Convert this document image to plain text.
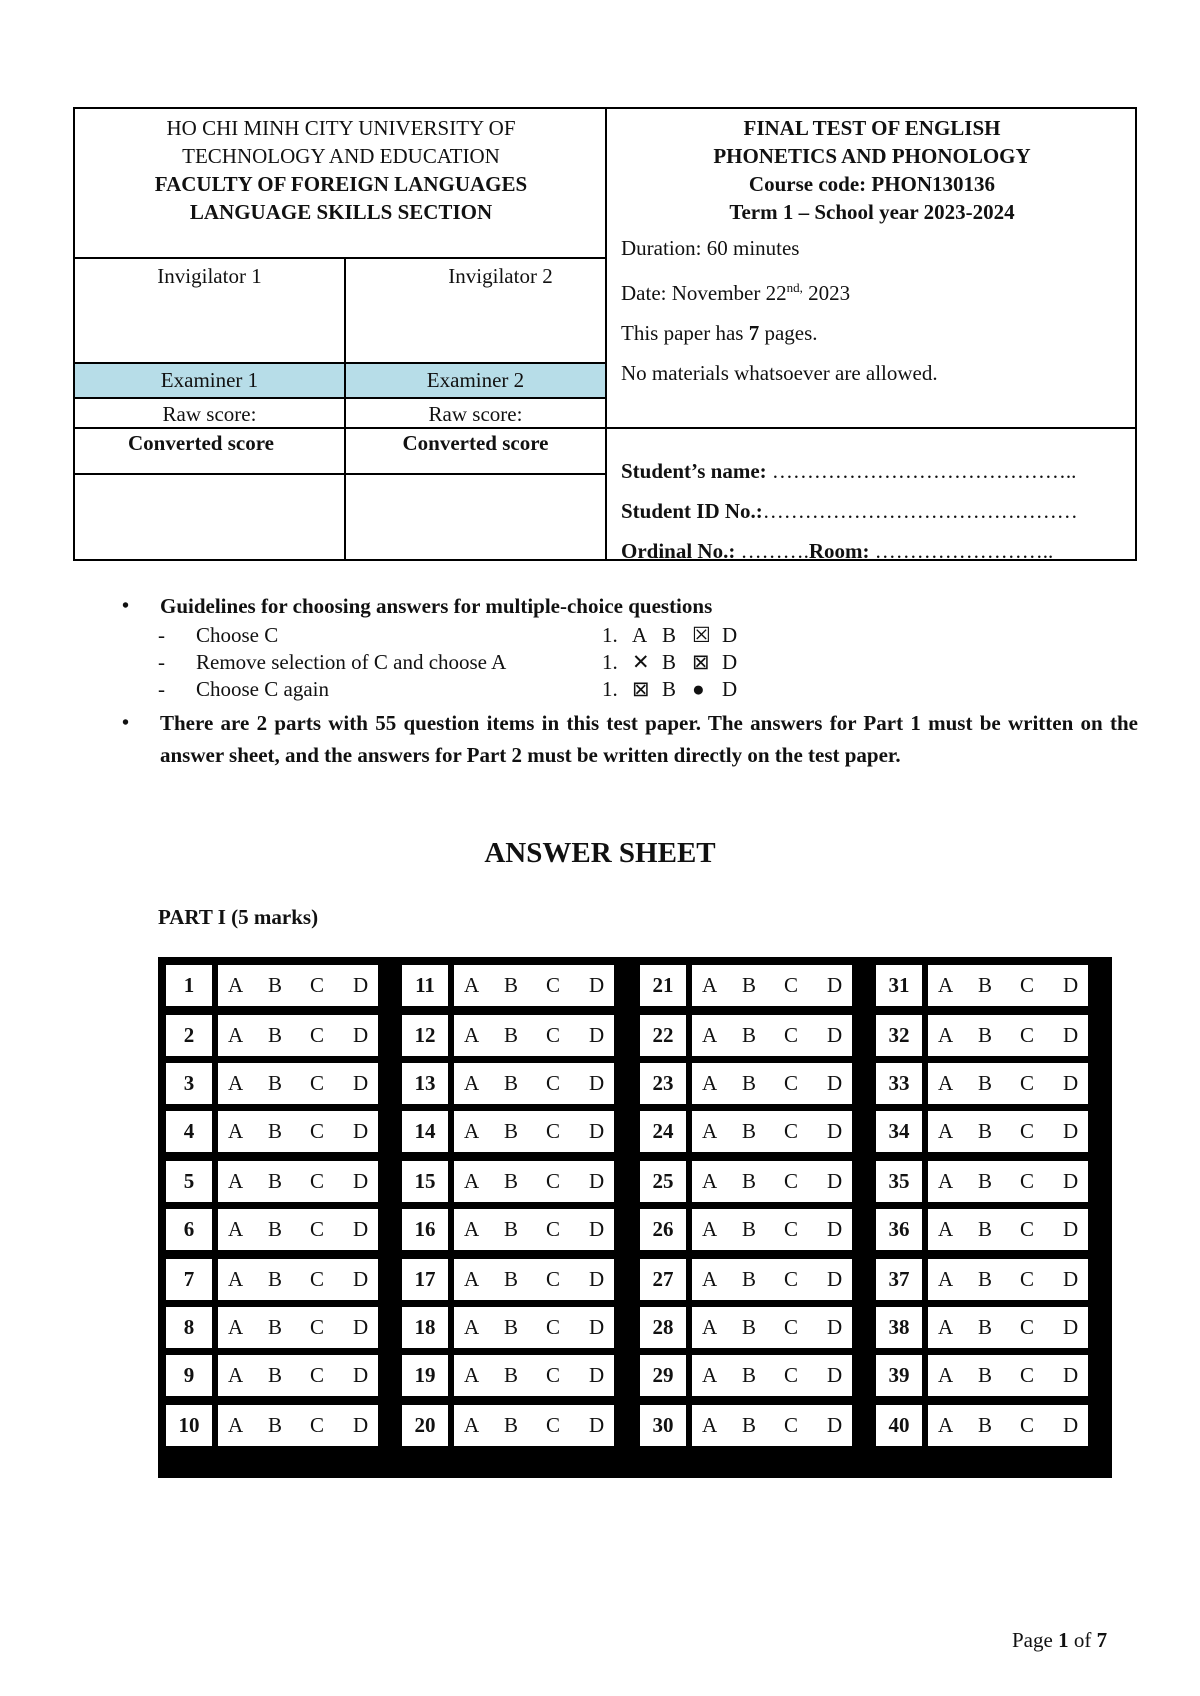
HO CHI MINH CITY UNIVERSITY OF
TECHNOLOGY AND EDUCATION
FACULTY OF FOREIGN LANGUAGES
LANGUAGE SKILLS SECTION
FINAL TEST OF ENGLISH
PHONETICS AND PHONOLOGY
Course code: PHON130136
Term 1 – School year 2023-2024
Invigilator 1	Invigilator 2
Examiner 1	Examiner 2
Raw score:	Raw score:
Converted score	Converted score

Duration: 60 minutes

Date: November $22^{nd,}$ 2023

This paper has 7 pages.

No materials whatsoever are allowed.

Student’s name: ……………………………………..
Student ID No.:………………………………………
Ordinal No.: ……….Room: ……………………..
• Guidelines for choosing answers for multiple-choice questions
- Choose C	1. A B ☒ D
- Remove selection of C and choose A	1. ✕ B ⊠ D
- Choose C again	1. ⊠ B ● D
• There are 2 parts with 55 question items in this test paper. The answers for Part 1 must be written on the answer sheet, and the answers for Part 2 must be written directly on the test paper.
ANSWER SHEET
PART I (5 marks)
1	A B C D
2	A B C D
3	A B C D
4	A B C D
5	A B C D
6	A B C D
7	A B C D
8	A B C D
9	A B C D
10	A B C D
11	A B C D
12	A B C D
13	A B C D
14	A B C D
15	A B C D
16	A B C D
17	A B C D
18	A B C D
19	A B C D
20	A B C D
21	A B C D
22	A B C D
23	A B C D
24	A B C D
25	A B C D
26	A B C D
27	A B C D
28	A B C D
29	A B C D
30	A B C D
31	A B C D
32	A B C D
33	A B C D
34	A B C D
35	A B C D
36	A B C D
37	A B C D
38	A B C D
39	A B C D
40	A B C D
Page 1 of 7
